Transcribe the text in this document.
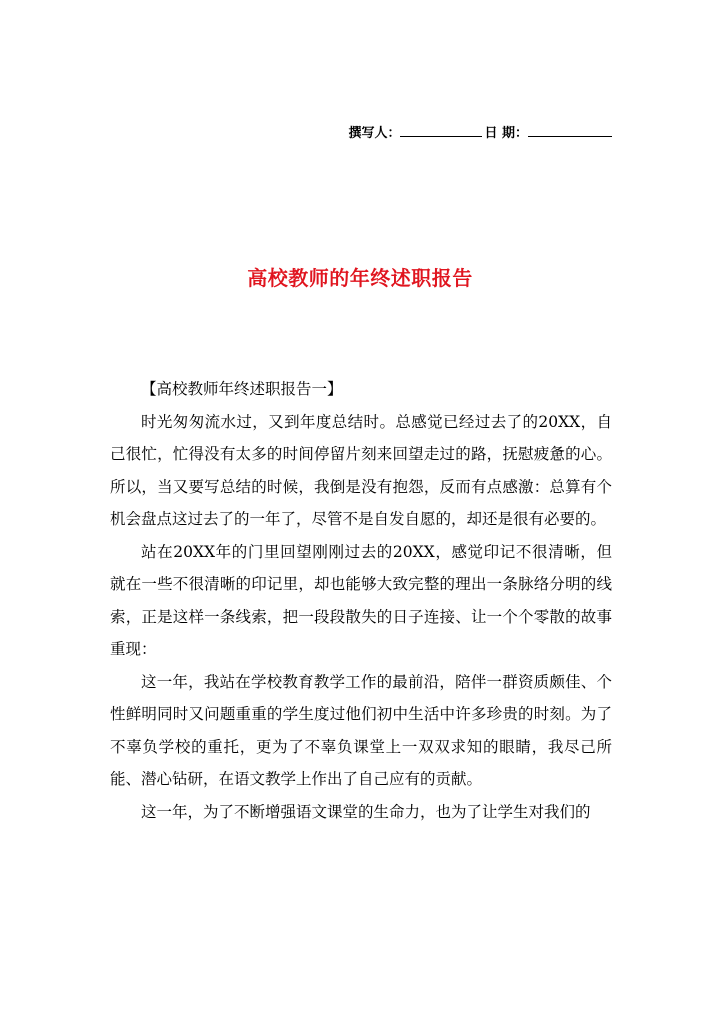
撰写人：	日 期：
高校教师的年终述职报告

【高校教师年终述职报告一】

时光匆匆流水过，又到年度总结时。总感觉已经过去了的20XX，自己很忙，忙得没有太多的时间停留片刻来回望走过的路，抚慰疲惫的心。所以，当又要写总结的时候，我倒是没有抱怨，反而有点感激：总算有个机会盘点这过去了的一年了，尽管不是自发自愿的，却还是很有必要的。

站在20XX年的门里回望刚刚过去的20XX，感觉印记不很清晰，但就在一些不很清晰的印记里，却也能够大致完整的理出一条脉络分明的线索，正是这样一条线索，把一段段散失的日子连接、让一个个零散的故事重现：

这一年，我站在学校教育教学工作的最前沿，陪伴一群资质颇佳、个性鲜明同时又问题重重的学生度过他们初中生活中许多珍贵的时刻。为了不辜负学校的重托，更为了不辜负课堂上一双双求知的眼睛，我尽己所能、潜心钻研，在语文教学上作出了自己应有的贡献。

这一年，为了不断增强语文课堂的生命力，也为了让学生对我们的
